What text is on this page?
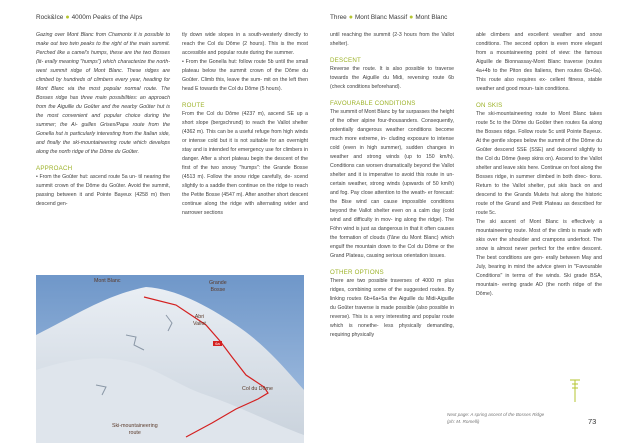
Rock&Ice ● 4000m Peaks of the Alps	Three ● Mont Blanc Massif ● Mont Blanc

Gazing over Mont Blanc from Chamonix it is possible to make out two twin peaks to the right of the main summit. Perched like a camel's humps, these are the two Bosses (lit- erally meaning "humps") which characterize the north-west summit ridge of Mont Blanc. These ridges are climbed by hundreds of climbers every year, heading for Mont Blanc via the most popular normal route. The Bosses ridge has three main possibilities: an approach from the Aiguille du Goûter and the nearby Goûter hut is the most convenient and popular choice during the summer; the Ai- guilles Grises/Papa route from the Gonella hut is particularly interesting from the Italian side, and finally the ski-mountaineering route which develops along the north ridge of the Dôme du Goûter.

APPROACH

• From the Goûter hut: ascend route 5a un- til nearing the summit crown of the Dôme du Goûter. Avoid the summit, passing between it and Pointe Bayeux (4258 m) then descend gen-

tly down wide slopes in a south-westerly directly to reach the Col du Dôme (2 hours). This is the most accessible and popular route during the summer.

• From the Gonella hut: follow route 5b until the small plateau below the summit crown of the Dôme du Goûter. Climb this, leave the sum- mit on the left then head E towards the Col du Dôme (5 hours).

ROUTE

From the Col du Dôme (4237 m), ascend SE up a short slope (bergschrund) to reach the Vallot shelter (4362 m). This can be a useful refuge from high winds or intense cold but it is not suitable for an overnight stay and is intended for emergency use for climbers in danger. After a short plateau begin the descent of the first of the two snowy "humps": the Grande Bosse (4513 m). Follow the snow ridge carefully, de- scend slightly to a saddle then continue on the ridge to reach the Petite Bosse (4547 m). After another short descent continue along the ridge with alternating wider and narrower sections

until reaching the summit (2-3 hours from the Vallot shelter).

DESCENT

Reverse the route. It is also possible to traverse towards the Aiguille du Midi, reversing route 6b (check conditions beforehand).

FAVOURABLE CONDITIONS

The summit of Mont Blanc by far surpasses the height of the other alpine four-thousanders. Consequently, potentially dangerous weather conditions become much more extreme, in- cluding exposure to intense cold (even in high summer), sudden changes in weather and strong winds (up to 150 km/h). Conditions can worsen dramatically beyond the Vallot shelter and it is imperative to avoid this route in un- certain weather, strong winds (upwards of 50 km/h) and fog. Pay close attention to the weath- er forecast: the Bise wind can cause impossible conditions beyond the Vallot shelter even on a calm day (cold wind and difficulty in mov- ing along the ridge). The Föhn wind is just as dangerous in that it often causes the formation of clouds (l'âne du Mont Blanc) which engulf the mountain down to the Col du Dôme or the Grand Plateau, causing serious orientation issues.

OTHER OPTIONS

There are two possible traverses of 4000 m plus ridges, combining some of the suggested routes. By linking routes 6b+6a+5a the Aiguille du Midi-Aiguille du Goûter traverse is made possible (also possible in reverse). This is a very interesting and popular route which is nonethe- less physically demanding, requiring physically

able climbers and excellent weather and snow conditions. The second option is even more elegant from a mountaineering point of view: the famous Aiguille de Bionnassay-Mont Blanc traverse (routes 4a+4b to the Piton des Italiens, then routes 6b+6a). This route also requires ex- cellent fitness, stable weather and good moun- tain conditions.

ON SKIS

The ski-mountaineering route to Mont Blanc takes route 5c to the Dôme du Goûter then routes 6a along the Bosses ridge. Follow route 5c until Pointe Bayeux. At the gentle slopes below the summit of the Dôme du Goûter descend SSE (SSE) and descend slightly to the Col du Dôme (keep skins on). Ascend to the Vallot shelter and leave skis here. Continue on foot along the Bosses ridge, in summer climbed in both direc- tions. Return to the Vallot shelter, put skis back on and descend to the Grands Mulets hut along the historic route of the Grand and Petit Plateau as described for route 5c.

The ski ascent of Mont Blanc is effectively a mountaineering route. Most of the climb is made with skis over the shoulder and crampons underfoot. The snow is almost never perfect for the entire descent. The best conditions are gen- erally between May and July, bearing in mind the advice given in "Favourable Conditions" in terms of the winds. Ski grade BSA, mountain- eering grade AD (the north ridge of the Dôme).

6a
Mont Blanc	Grande
Bosse
Abri
Vallot
Col du Dôme
Ski-mountaineering
route
Next page: A spring ascent of the Bosses Ridge
(ph: M. Romelli)	73
